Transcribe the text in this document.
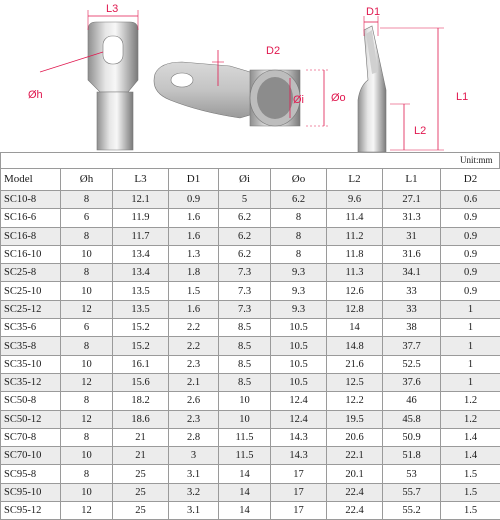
L3
Øh
D2
Øi Øo
D1
L1
L2
Unit:mm
Model	Øh	L3	D1	Øi	Øo	L2	L1	D2
SC10-8	8	12.1	0.9	5	6.2	9.6	27.1	0.6
SC16-6	6	11.9	1.6	6.2	8	11.4	31.3	0.9
SC16-8	8	11.7	1.6	6.2	8	11.2	31	0.9
SC16-10	10	13.4	1.3	6.2	8	11.8	31.6	0.9
SC25-8	8	13.4	1.8	7.3	9.3	11.3	34.1	0.9
SC25-10	10	13.5	1.5	7.3	9.3	12.6	33	0.9
SC25-12	12	13.5	1.6	7.3	9.3	12.8	33	1
SC35-6	6	15.2	2.2	8.5	10.5	14	38	1
SC35-8	8	15.2	2.2	8.5	10.5	14.8	37.7	1
SC35-10	10	16.1	2.3	8.5	10.5	21.6	52.5	1
SC35-12	12	15.6	2.1	8.5	10.5	12.5	37.6	1
SC50-8	8	18.2	2.6	10	12.4	12.2	46	1.2
SC50-12	12	18.6	2.3	10	12.4	19.5	45.8	1.2
SC70-8	8	21	2.8	11.5	14.3	20.6	50.9	1.4
SC70-10	10	21	3	11.5	14.3	22.1	51.8	1.4
SC95-8	8	25	3.1	14	17	20.1	53	1.5
SC95-10	10	25	3.2	14	17	22.4	55.7	1.5
SC95-12	12	25	3.1	14	17	22.4	55.2	1.5
